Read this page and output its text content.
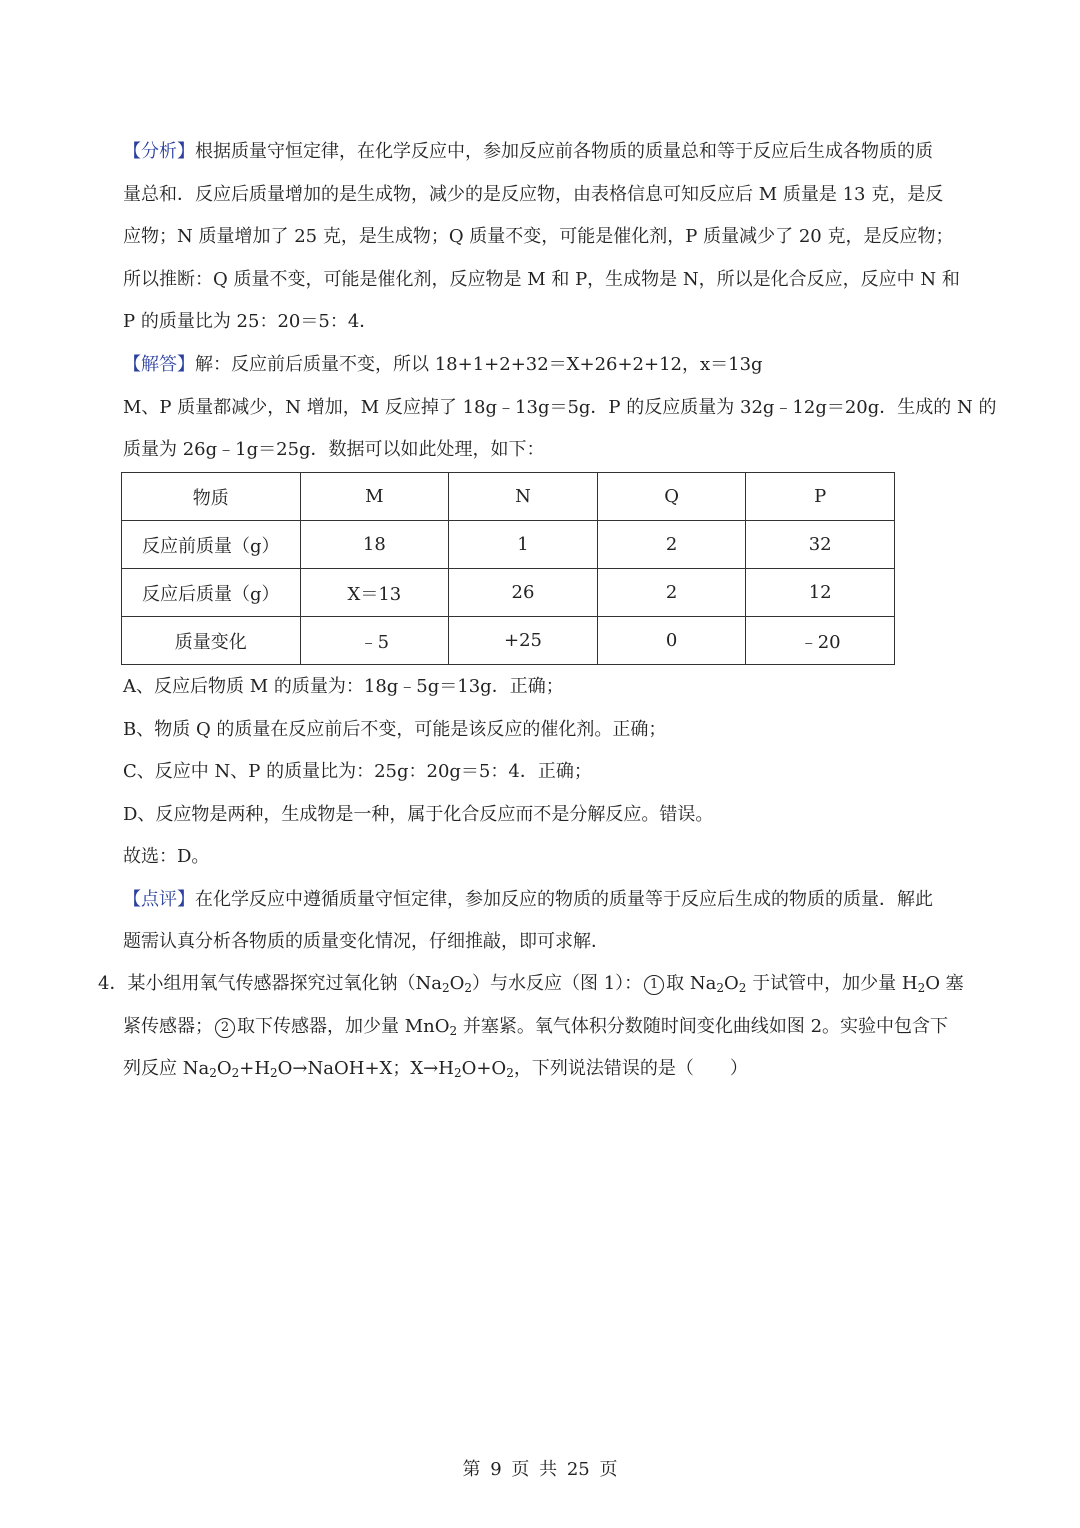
【分析】根据质量守恒定律，在化学反应中，参加反应前各物质的质量总和等于反应后生成各物质的质
量总和．反应后质量增加的是生成物，减少的是反应物，由表格信息可知反应后 M 质量是 13 克，是反
应物；N 质量增加了 25 克，是生成物；Q 质量不变，可能是催化剂，P 质量减少了 20 克，是反应物；
所以推断：Q 质量不变，可能是催化剂，反应物是 M 和 P，生成物是 N，所以是化合反应，反应中 N 和
P 的质量比为 25：20＝5：4．
【解答】解：反应前后质量不变，所以 18+1+2+32＝X+26+2+12，x＝13g
M、P 质量都减少，N 增加，M 反应掉了 18g﹣13g＝5g．P 的反应质量为 32g﹣12g＝20g．生成的 N 的
质量为 26g﹣1g＝25g．数据可以如此处理，如下：
物质	M	N	Q	P
反应前质量（g）	18	1	2	32
反应后质量（g）	X＝13	26	2	12
质量变化	﹣5	+25	0	﹣20
A、反应后物质 M 的质量为：18g﹣5g＝13g．正确；
B、物质 Q 的质量在反应前后不变，可能是该反应的催化剂。正确；
C、反应中 N、P 的质量比为：25g：20g＝5：4．正确；
D、反应物是两种，生成物是一种，属于化合反应而不是分解反应。错误。
故选：D。
【点评】在化学反应中遵循质量守恒定律，参加反应的物质的质量等于反应后生成的物质的质量．解此
题需认真分析各物质的质量变化情况，仔细推敲，即可求解．
4．某小组用氧气传感器探究过氧化钠$(Na_2O_2)$与水反应（图 1）： 1 取 $Na_2O_2$ 于试管中，加少量 $H_2O$ 塞
紧传感器； 2 取下传感器，加少量 MnO$_2$ 并塞紧。氧气体积分数随时间变化曲线如图 2。实验中包含下
列反应 $Na_2O_2+H_2O\to NaOH+X$；$X\to H_2O+O_2$，下列说法错误的是（　　）
第 9 页 共 25 页
